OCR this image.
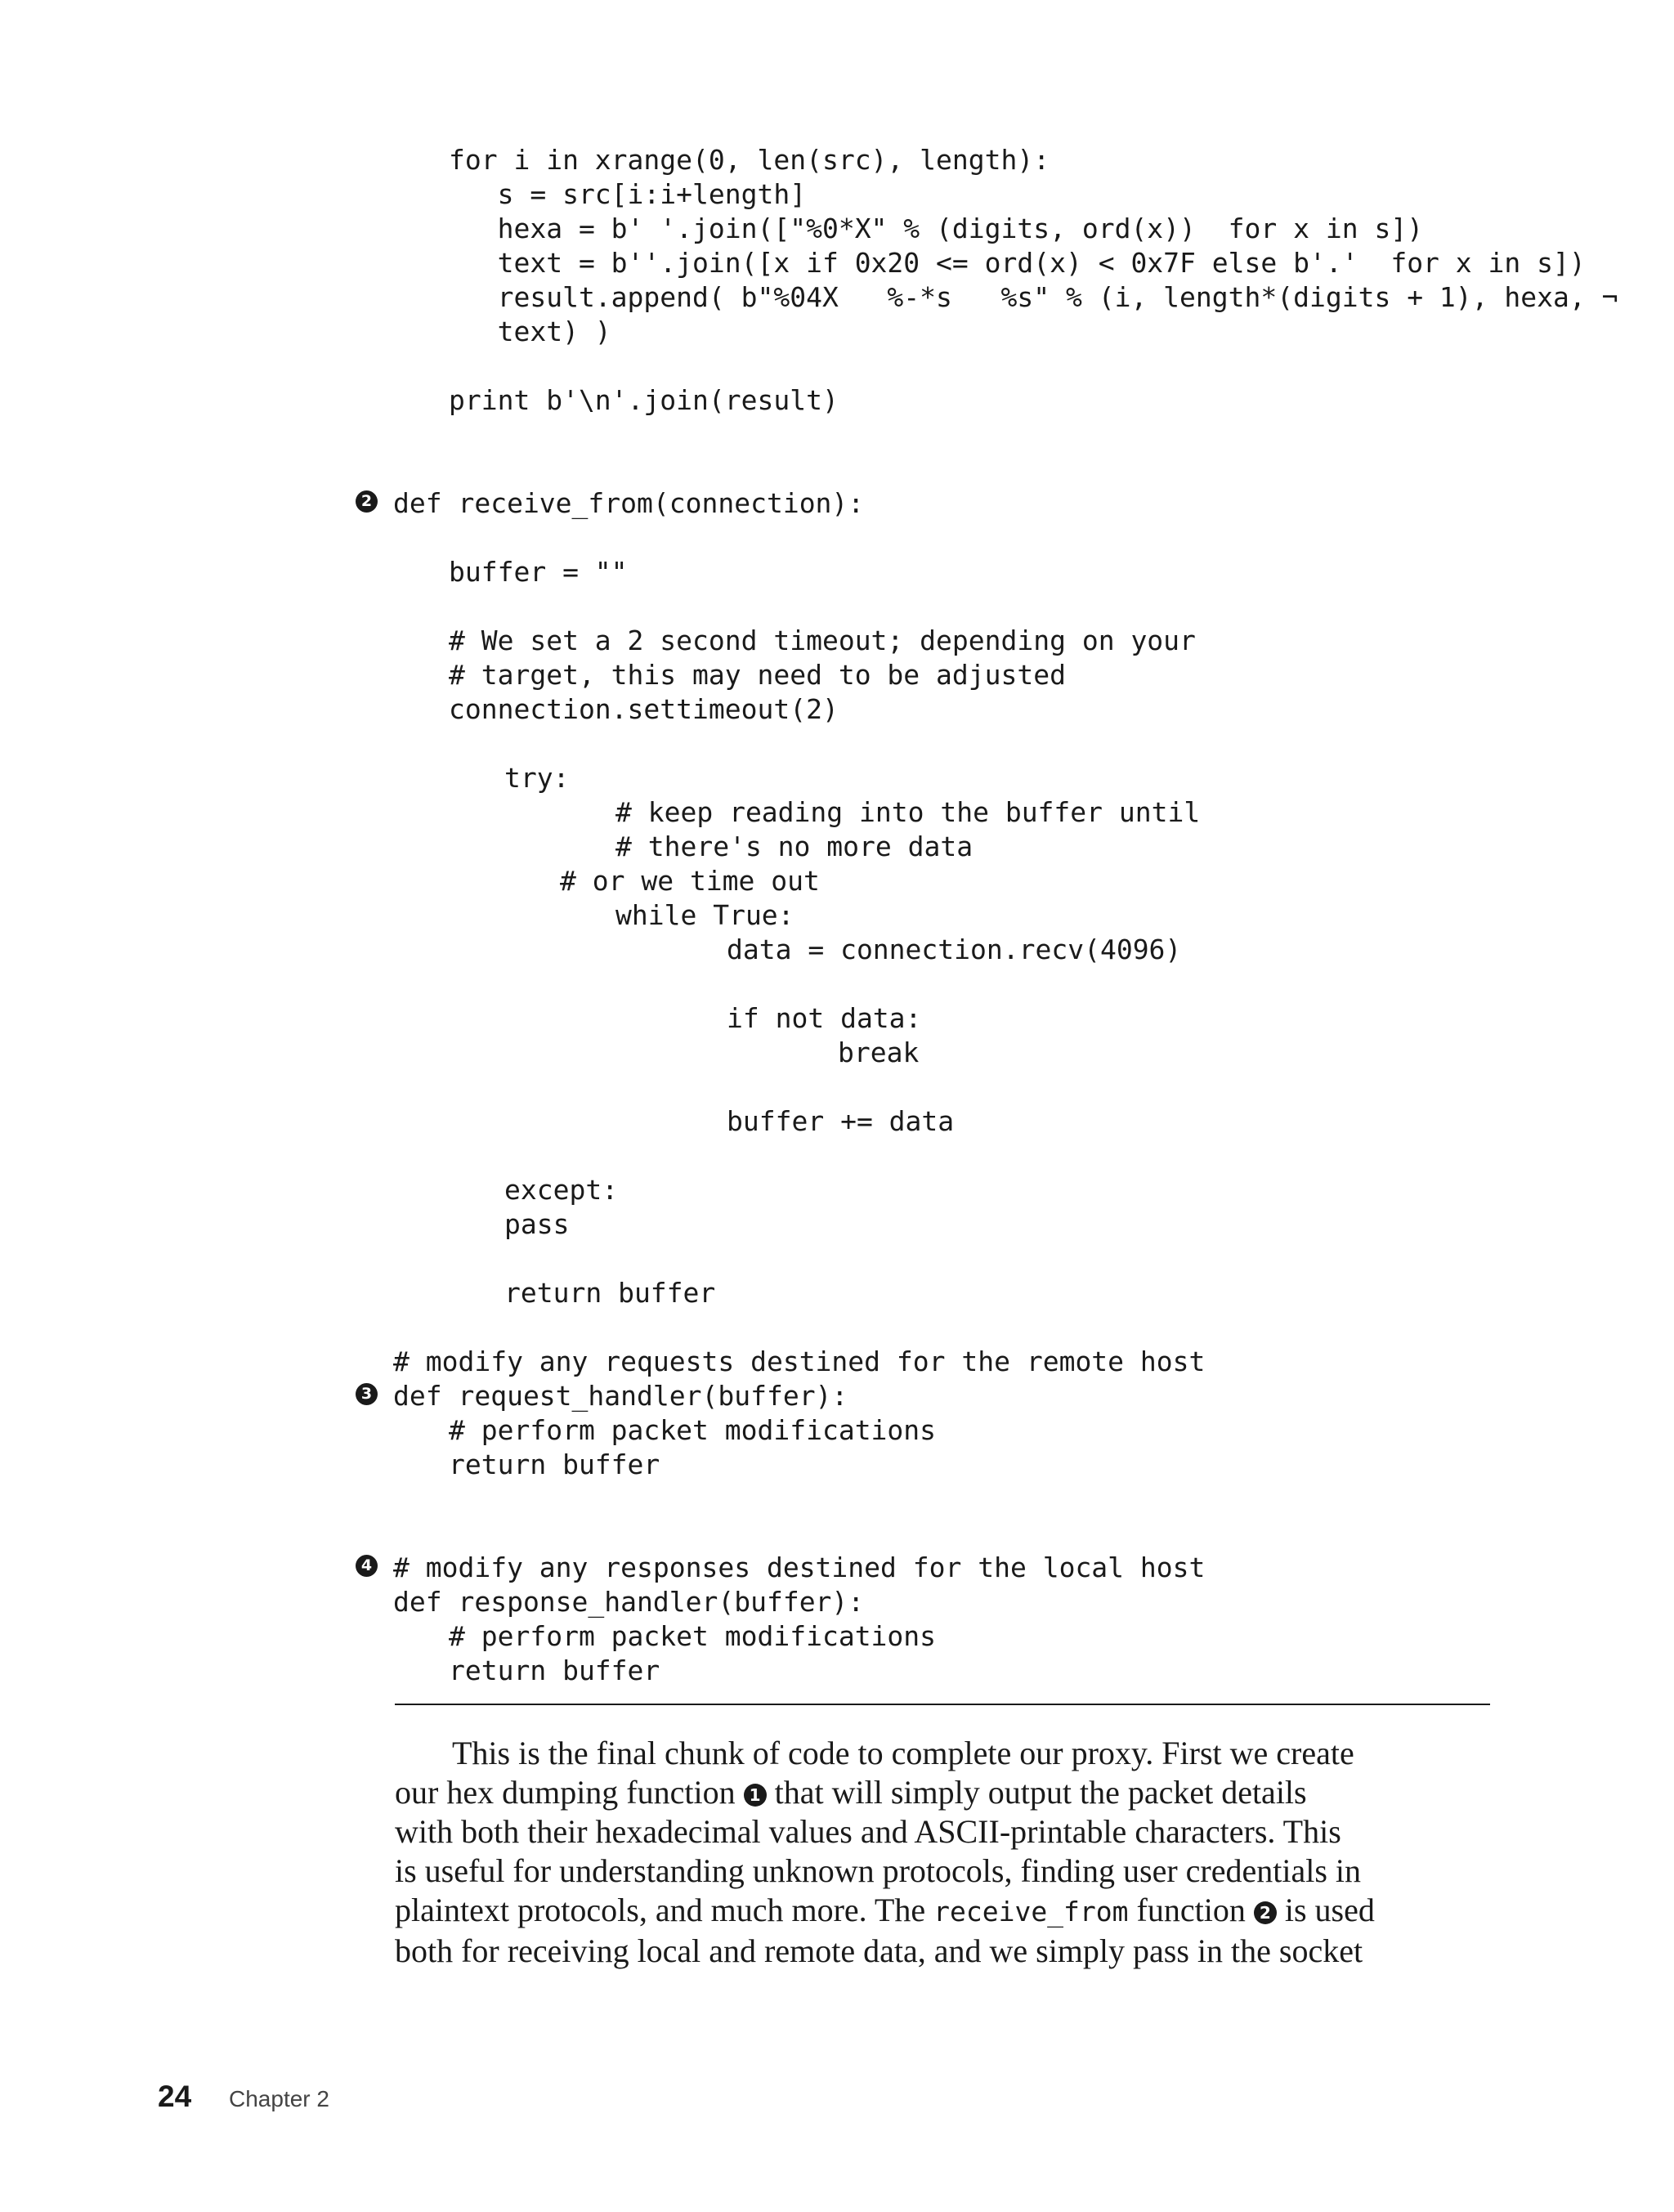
for i in xrange(0, len(src), length):
s = src[i:i+length]
hexa = b' '.join(["%0*X" % (digits, ord(x))  for x in s])
text = b''.join([x if 0x20 <= ord(x) < 0x7F else b'.'  for x in s])
result.append( b"%04X   %-*s   %s" % (i, length*(digits + 1), hexa, ¬
text) )
print b'\n'.join(result)
2 def receive_from(connection):
buffer = ""
# We set a 2 second timeout; depending on your
# target, this may need to be adjusted
connection.settimeout(2)
try:
# keep reading into the buffer until
# there's no more data
# or we time out
while True:
data = connection.recv(4096)
if not data:
break
buffer += data
except:
pass
return buffer
# modify any requests destined for the remote host
3 def request_handler(buffer):
# perform packet modifications
return buffer
4 # modify any responses destined for the local host
def response_handler(buffer):
# perform packet modifications
return buffer
This is the final chunk of code to complete our proxy. First we create
our hex dumping function 1 that will simply output the packet details
with both their hexadecimal values and ASCII-printable characters. This
is useful for understanding unknown protocols, finding user credentials in
plaintext protocols, and much more. The receive_from function 2 is used
both for receiving local and remote data, and we simply pass in the socket
24 Chapter 2
